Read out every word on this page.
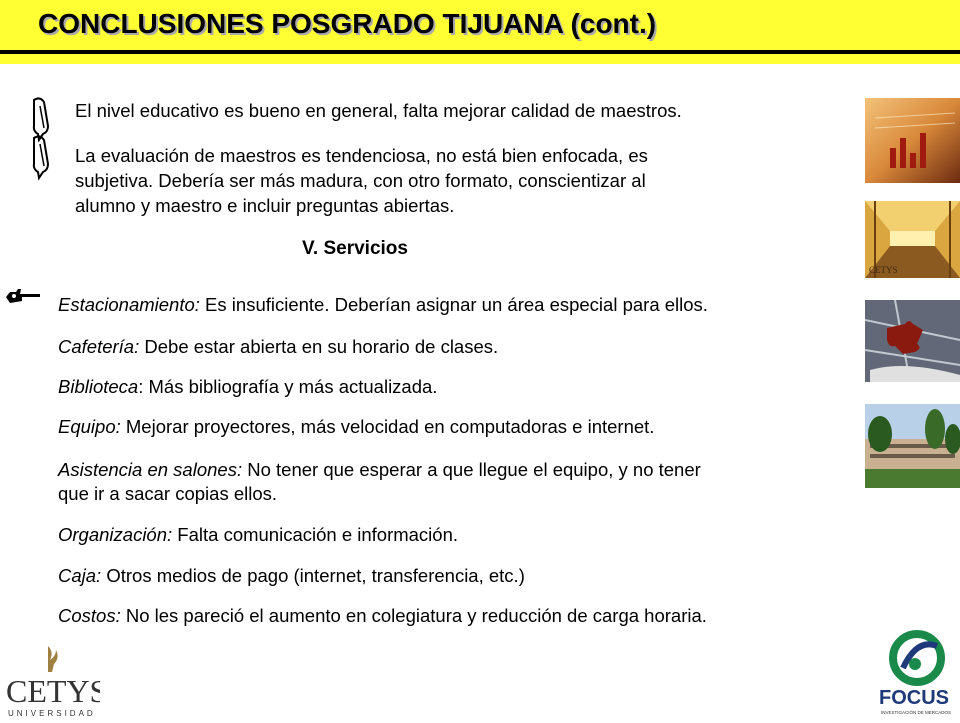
CONCLUSIONES POSGRADO TIJUANA (cont.)
El nivel educativo es bueno en general, falta mejorar calidad de maestros.
La evaluación de maestros es tendenciosa, no está bien enfocada, es
subjetiva. Debería ser más madura, con otro formato, conscientizar al
alumno y maestro e incluir preguntas abiertas.
V. Servicios
Estacionamiento: Es insuficiente. Deberían asignar un área especial para ellos.
Cafetería: Debe estar abierta en su horario de clases.
Biblioteca: Más bibliografía y más actualizada.
Equipo: Mejorar proyectores, más velocidad en computadoras e internet.
Asistencia en salones: No tener que esperar a que llegue el equipo, y no tener
que ir a sacar copias ellos.
Organización: Falta comunicación e información.
Caja: Otros medios de pago (internet, transferencia, etc.)
Costos: No les pareció el aumento en colegiatura y reducción de carga horaria.
CETYS
CETYS
UNIVERSIDAD
FOCUS
INVESTIGACIÓN DE MERCADOS
